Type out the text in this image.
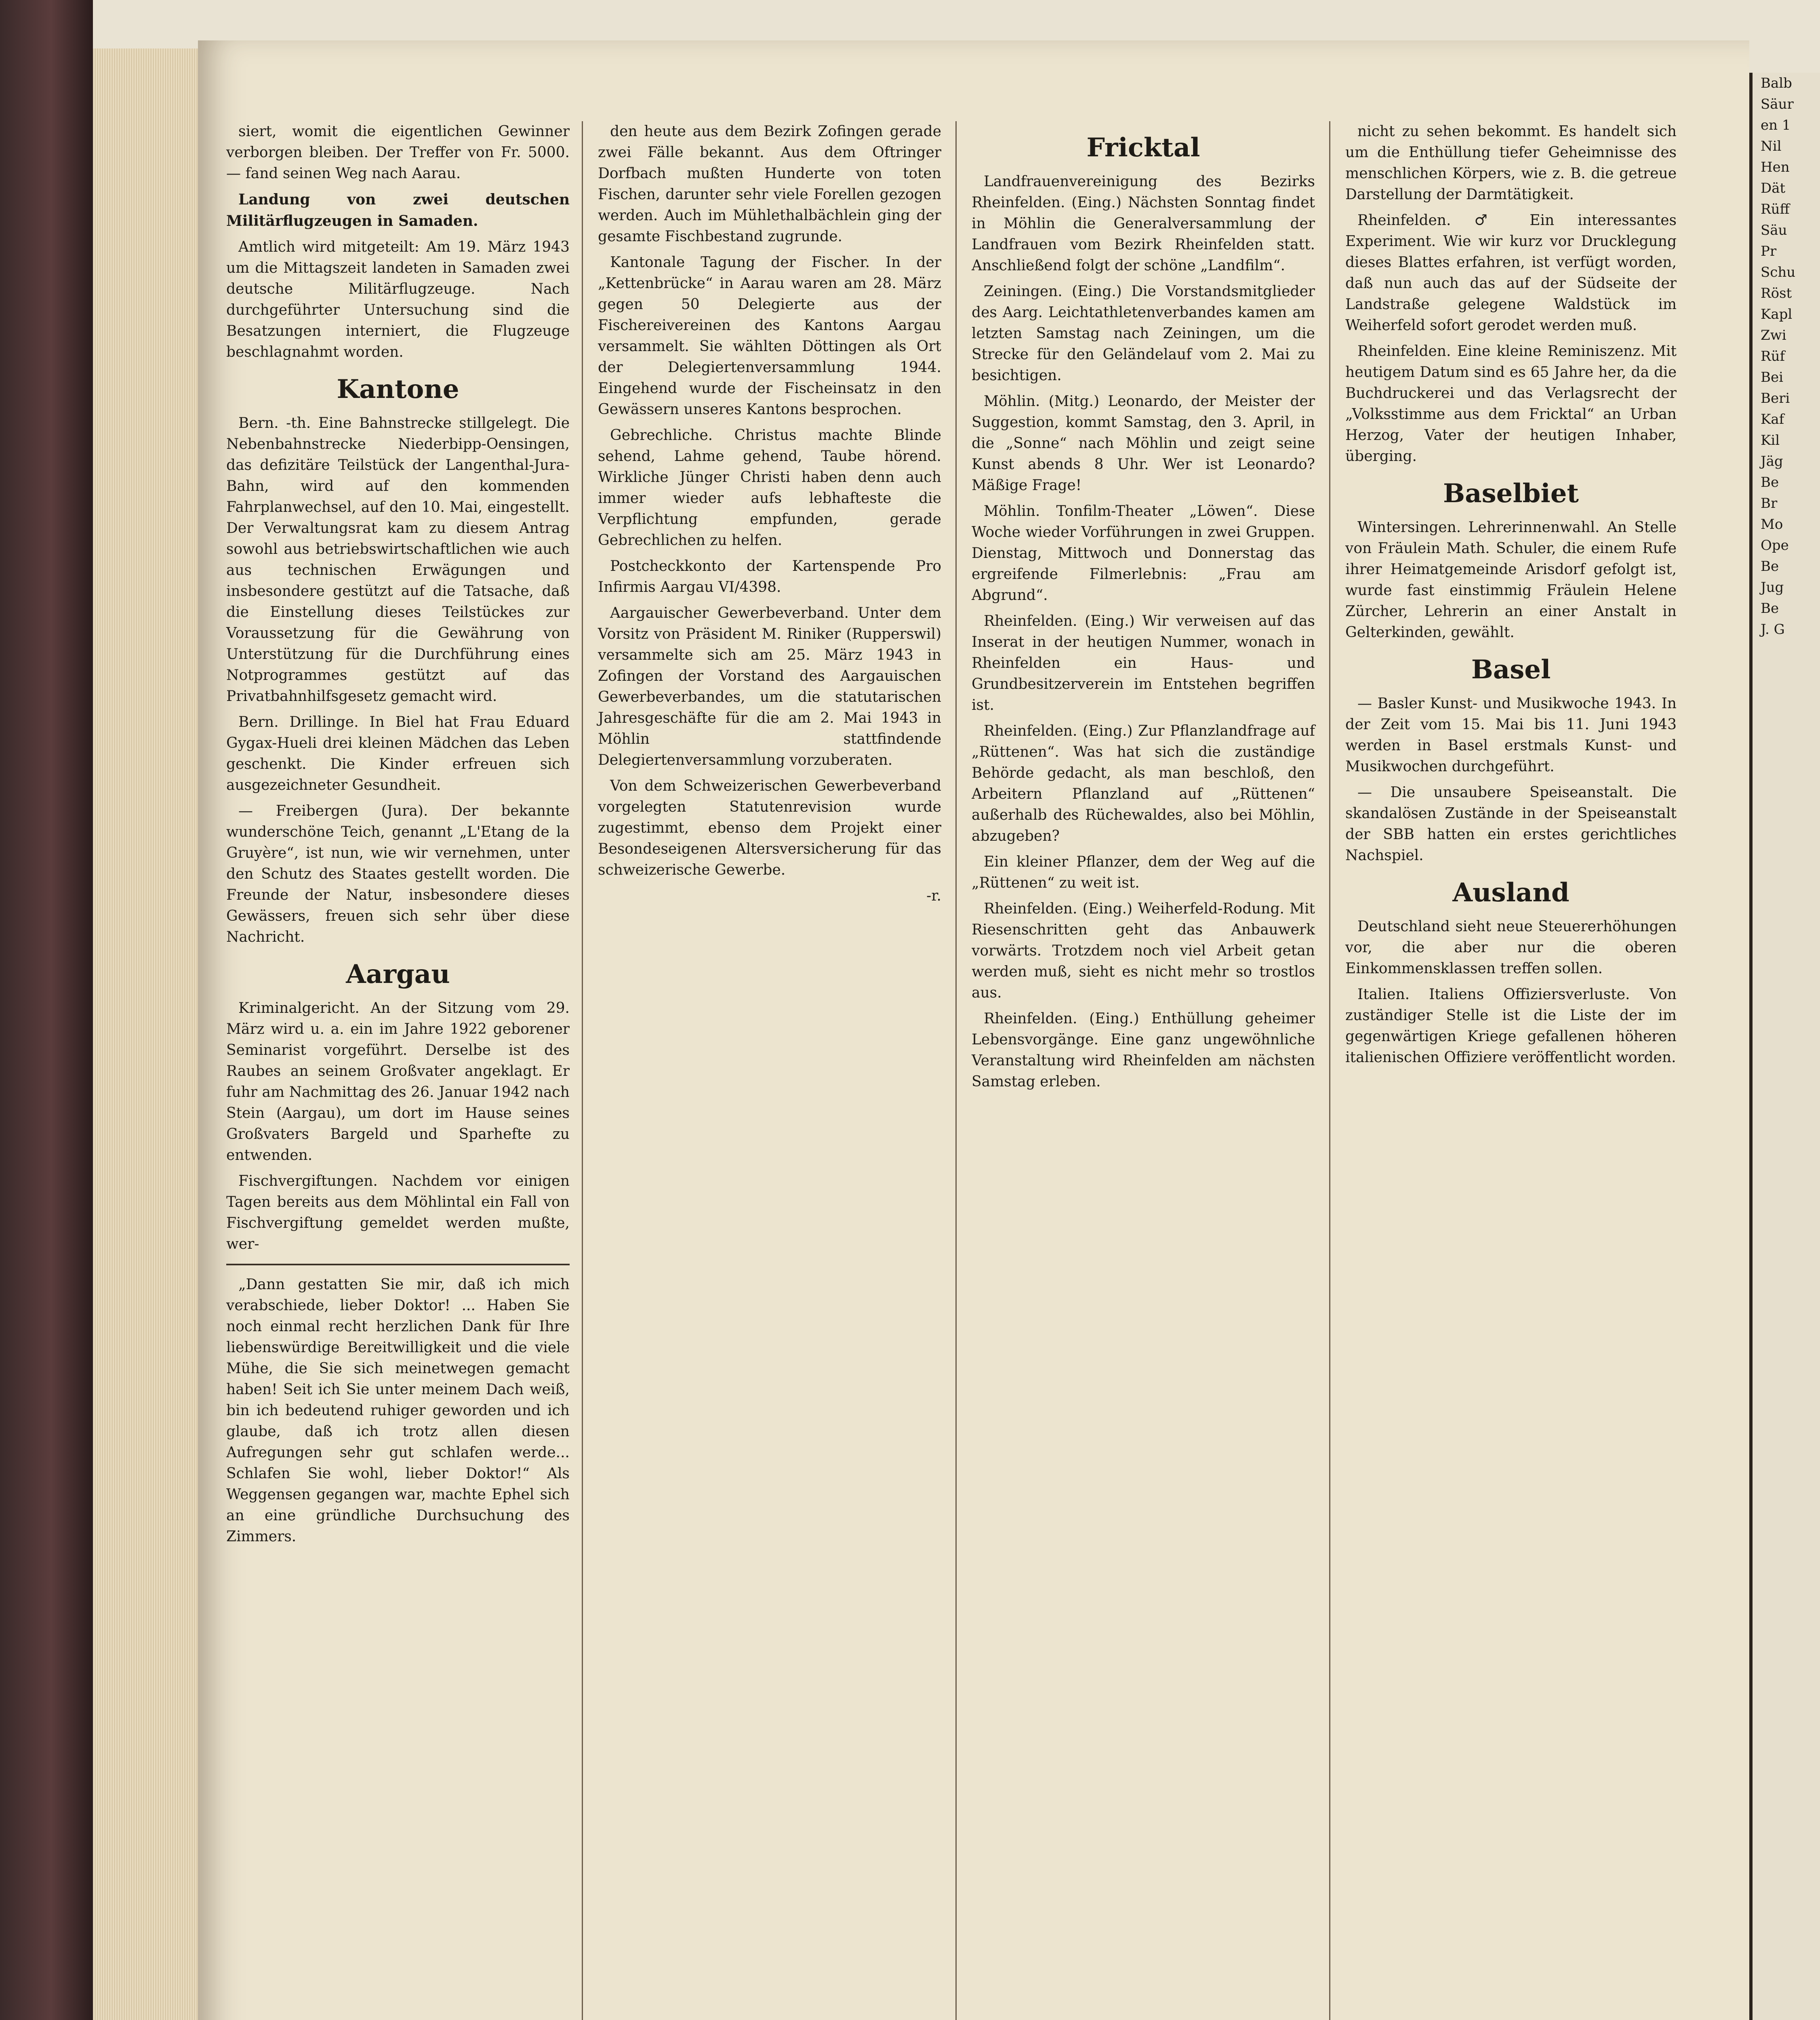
siert, womit die eigentlichen Gewinner verborgen bleiben. Der Treffer von Fr. 5000.— fand seinen Weg nach Aarau.

Landung von zwei deutschen Militärflugzeugen in Samaden.

Amtlich wird mitgeteilt: Am 19. März 1943 um die Mittagszeit landeten in Samaden zwei deutsche Militärflugzeuge. Nach durchgeführter Untersuchung sind die Besatzungen interniert, die Flugzeuge beschlagnahmt worden.

Kantone

Bern. -th. Eine Bahnstrecke stillgelegt. Die Nebenbahnstrecke Niederbipp-Oensingen, das defizitäre Teilstück der Langenthal-Jura-Bahn, wird auf den kommenden Fahrplanwechsel, auf den 10. Mai, eingestellt. Der Verwaltungsrat kam zu diesem Antrag sowohl aus betriebswirtschaftlichen wie auch aus technischen Erwägungen und insbesondere gestützt auf die Tatsache, daß die Einstellung dieses Teilstückes zur Voraussetzung für die Gewährung von Unterstützung für die Durchführung eines Notprogrammes gestützt auf das Privatbahnhilfsgesetz gemacht wird.

Bern. Drillinge. In Biel hat Frau Eduard Gygax-Hueli drei kleinen Mädchen das Leben geschenkt. Die Kinder erfreuen sich ausgezeichneter Gesundheit.

— Freibergen (Jura). Der bekannte wunderschöne Teich, genannt „L'Etang de la Gruyère“, ist nun, wie wir vernehmen, unter den Schutz des Staates gestellt worden. Die Freunde der Natur, insbesondere dieses Gewässers, freuen sich sehr über diese Nachricht.

Aargau

Kriminalgericht. An der Sitzung vom 29. März wird u. a. ein im Jahre 1922 geborener Seminarist vorgeführt. Derselbe ist des Raubes an seinem Großvater angeklagt. Er fuhr am Nachmittag des 26. Januar 1942 nach Stein (Aargau), um dort im Hause seines Großvaters Bargeld und Sparhefte zu entwenden.

Fischvergiftungen. Nachdem vor einigen Tagen bereits aus dem Möhlintal ein Fall von Fischvergiftung gemeldet werden mußte, wer-

„Dann gestatten Sie mir, daß ich mich verabschiede, lieber Doktor! ... Haben Sie noch einmal recht herzlichen Dank für Ihre liebenswürdige Bereitwilligkeit und die viele Mühe, die Sie sich meinetwegen gemacht haben! Seit ich Sie unter meinem Dach weiß, bin ich bedeutend ruhiger geworden und ich glaube, daß ich trotz allen diesen Aufregungen sehr gut schlafen werde... Schlafen Sie wohl, lieber Doktor!“ Als Weggensen gegangen war, machte Ephel sich an eine gründliche Durchsuchung des Zimmers.

den heute aus dem Bezirk Zofingen gerade zwei Fälle bekannt. Aus dem Oftringer Dorfbach mußten Hunderte von toten Fischen, darunter sehr viele Forellen gezogen werden. Auch im Mühlethalbächlein ging der gesamte Fischbestand zugrunde.

Kantonale Tagung der Fischer. In der „Kettenbrücke“ in Aarau waren am 28. März gegen 50 Delegierte aus der Fischereivereinen des Kantons Aargau versammelt. Sie wählten Döttingen als Ort der Delegiertenversammlung 1944. Eingehend wurde der Fischeinsatz in den Gewässern unseres Kantons besprochen.

Gebrechliche. Christus machte Blinde sehend, Lahme gehend, Taube hörend. Wirkliche Jünger Christi haben denn auch immer wieder aufs lebhafteste die Verpflichtung empfunden, gerade Gebrechlichen zu helfen.

Postcheckkonto der Kartenspende Pro Infirmis Aargau VI/4398.

Aargauischer Gewerbeverband. Unter dem Vorsitz von Präsident M. Riniker (Rupperswil) versammelte sich am 25. März 1943 in Zofingen der Vorstand des Aargauischen Gewerbeverbandes, um die statutarischen Jahresgeschäfte für die am 2. Mai 1943 in Möhlin stattfindende Delegiertenversammlung vorzuberaten.

Von dem Schweizerischen Gewerbeverband vorgelegten Statutenrevision wurde zugestimmt, ebenso dem Projekt einer Besondeseigenen Altersversicherung für das schweizerische Gewerbe.

-r.

Fricktal

Landfrauenvereinigung des Bezirks Rheinfelden. (Eing.) Nächsten Sonntag findet in Möhlin die Generalversammlung der Landfrauen vom Bezirk Rheinfelden statt. Anschließend folgt der schöne „Landfilm“.

Zeiningen. (Eing.) Die Vorstandsmitglieder des Aarg. Leichtathletenverbandes kamen am letzten Samstag nach Zeiningen, um die Strecke für den Geländelauf vom 2. Mai zu besichtigen.

Möhlin. (Mitg.) Leonardo, der Meister der Suggestion, kommt Samstag, den 3. April, in die „Sonne“ nach Möhlin und zeigt seine Kunst abends 8 Uhr. Wer ist Leonardo? Mäßige Frage!

Möhlin. Tonfilm-Theater „Löwen“. Diese Woche wieder Vorführungen in zwei Gruppen. Dienstag, Mittwoch und Donnerstag das ergreifende Filmerlebnis: „Frau am Abgrund“.

Rheinfelden. (Eing.) Wir verweisen auf das Inserat in der heutigen Nummer, wonach in Rheinfelden ein Haus- und Grundbesitzerverein im Entstehen begriffen ist.

Rheinfelden. (Eing.) Zur Pflanzlandfrage auf „Rüttenen“. Was hat sich die zuständige Behörde gedacht, als man beschloß, den Arbeitern Pflanzland auf „Rüttenen“ außerhalb des Rüchewaldes, also bei Möhlin, abzugeben?

Ein kleiner Pflanzer, dem der Weg auf die „Rüttenen“ zu weit ist.

Rheinfelden. (Eing.) Weiherfeld-Rodung. Mit Riesenschritten geht das Anbauwerk vorwärts. Trotzdem noch viel Arbeit getan werden muß, sieht es nicht mehr so trostlos aus.

Rheinfelden. (Eing.) Enthüllung geheimer Lebensvorgänge. Eine ganz ungewöhnliche Veranstaltung wird Rheinfelden am nächsten Samstag erleben.

nicht zu sehen bekommt. Es handelt sich um die Enthüllung tiefer Geheimnisse des menschlichen Körpers, wie z. B. die getreue Darstellung der Darmtätigkeit.

Rheinfelden. ♂ Ein interessantes Experiment. Wie wir kurz vor Drucklegung dieses Blattes erfahren, ist verfügt worden, daß nun auch das auf der Südseite der Landstraße gelegene Waldstück im Weiherfeld sofort gerodet werden muß.

Rheinfelden. Eine kleine Reminiszenz. Mit heutigem Datum sind es 65 Jahre her, da die Buchdruckerei und das Verlagsrecht der „Volksstimme aus dem Fricktal“ an Urban Herzog, Vater der heutigen Inhaber, überging.

Baselbiet

Wintersingen. Lehrerinnenwahl. An Stelle von Fräulein Math. Schuler, die einem Rufe ihrer Heimatgemeinde Arisdorf gefolgt ist, wurde fast einstimmig Fräulein Helene Zürcher, Lehrerin an einer Anstalt in Gelterkinden, gewählt.

Basel

— Basler Kunst- und Musikwoche 1943. In der Zeit vom 15. Mai bis 11. Juni 1943 werden in Basel erstmals Kunst- und Musikwochen durchgeführt.

— Die unsaubere Speiseanstalt. Die skandalösen Zustände in der Speiseanstalt der SBB hatten ein erstes gerichtliches Nachspiel.

Ausland

Deutschland sieht neue Steuererhöhungen vor, die aber nur die oberen Einkommensklassen treffen sollen.

Italien. Italiens Offiziersverluste. Von zuständiger Stelle ist die Liste der im gegenwärtigen Kriege gefallenen höheren italienischen Offiziere veröffentlicht worden.

Balb
Säur
en 1
Nil
Hen
Dät
Rüff
Säu
Pr
Schu
Röst
Kapl
Zwi
Rüf
Bei
Beri
Kaf
Kil
Jäg
Be
Br
Mo
Ope
Be
Jug
Be
J. G
